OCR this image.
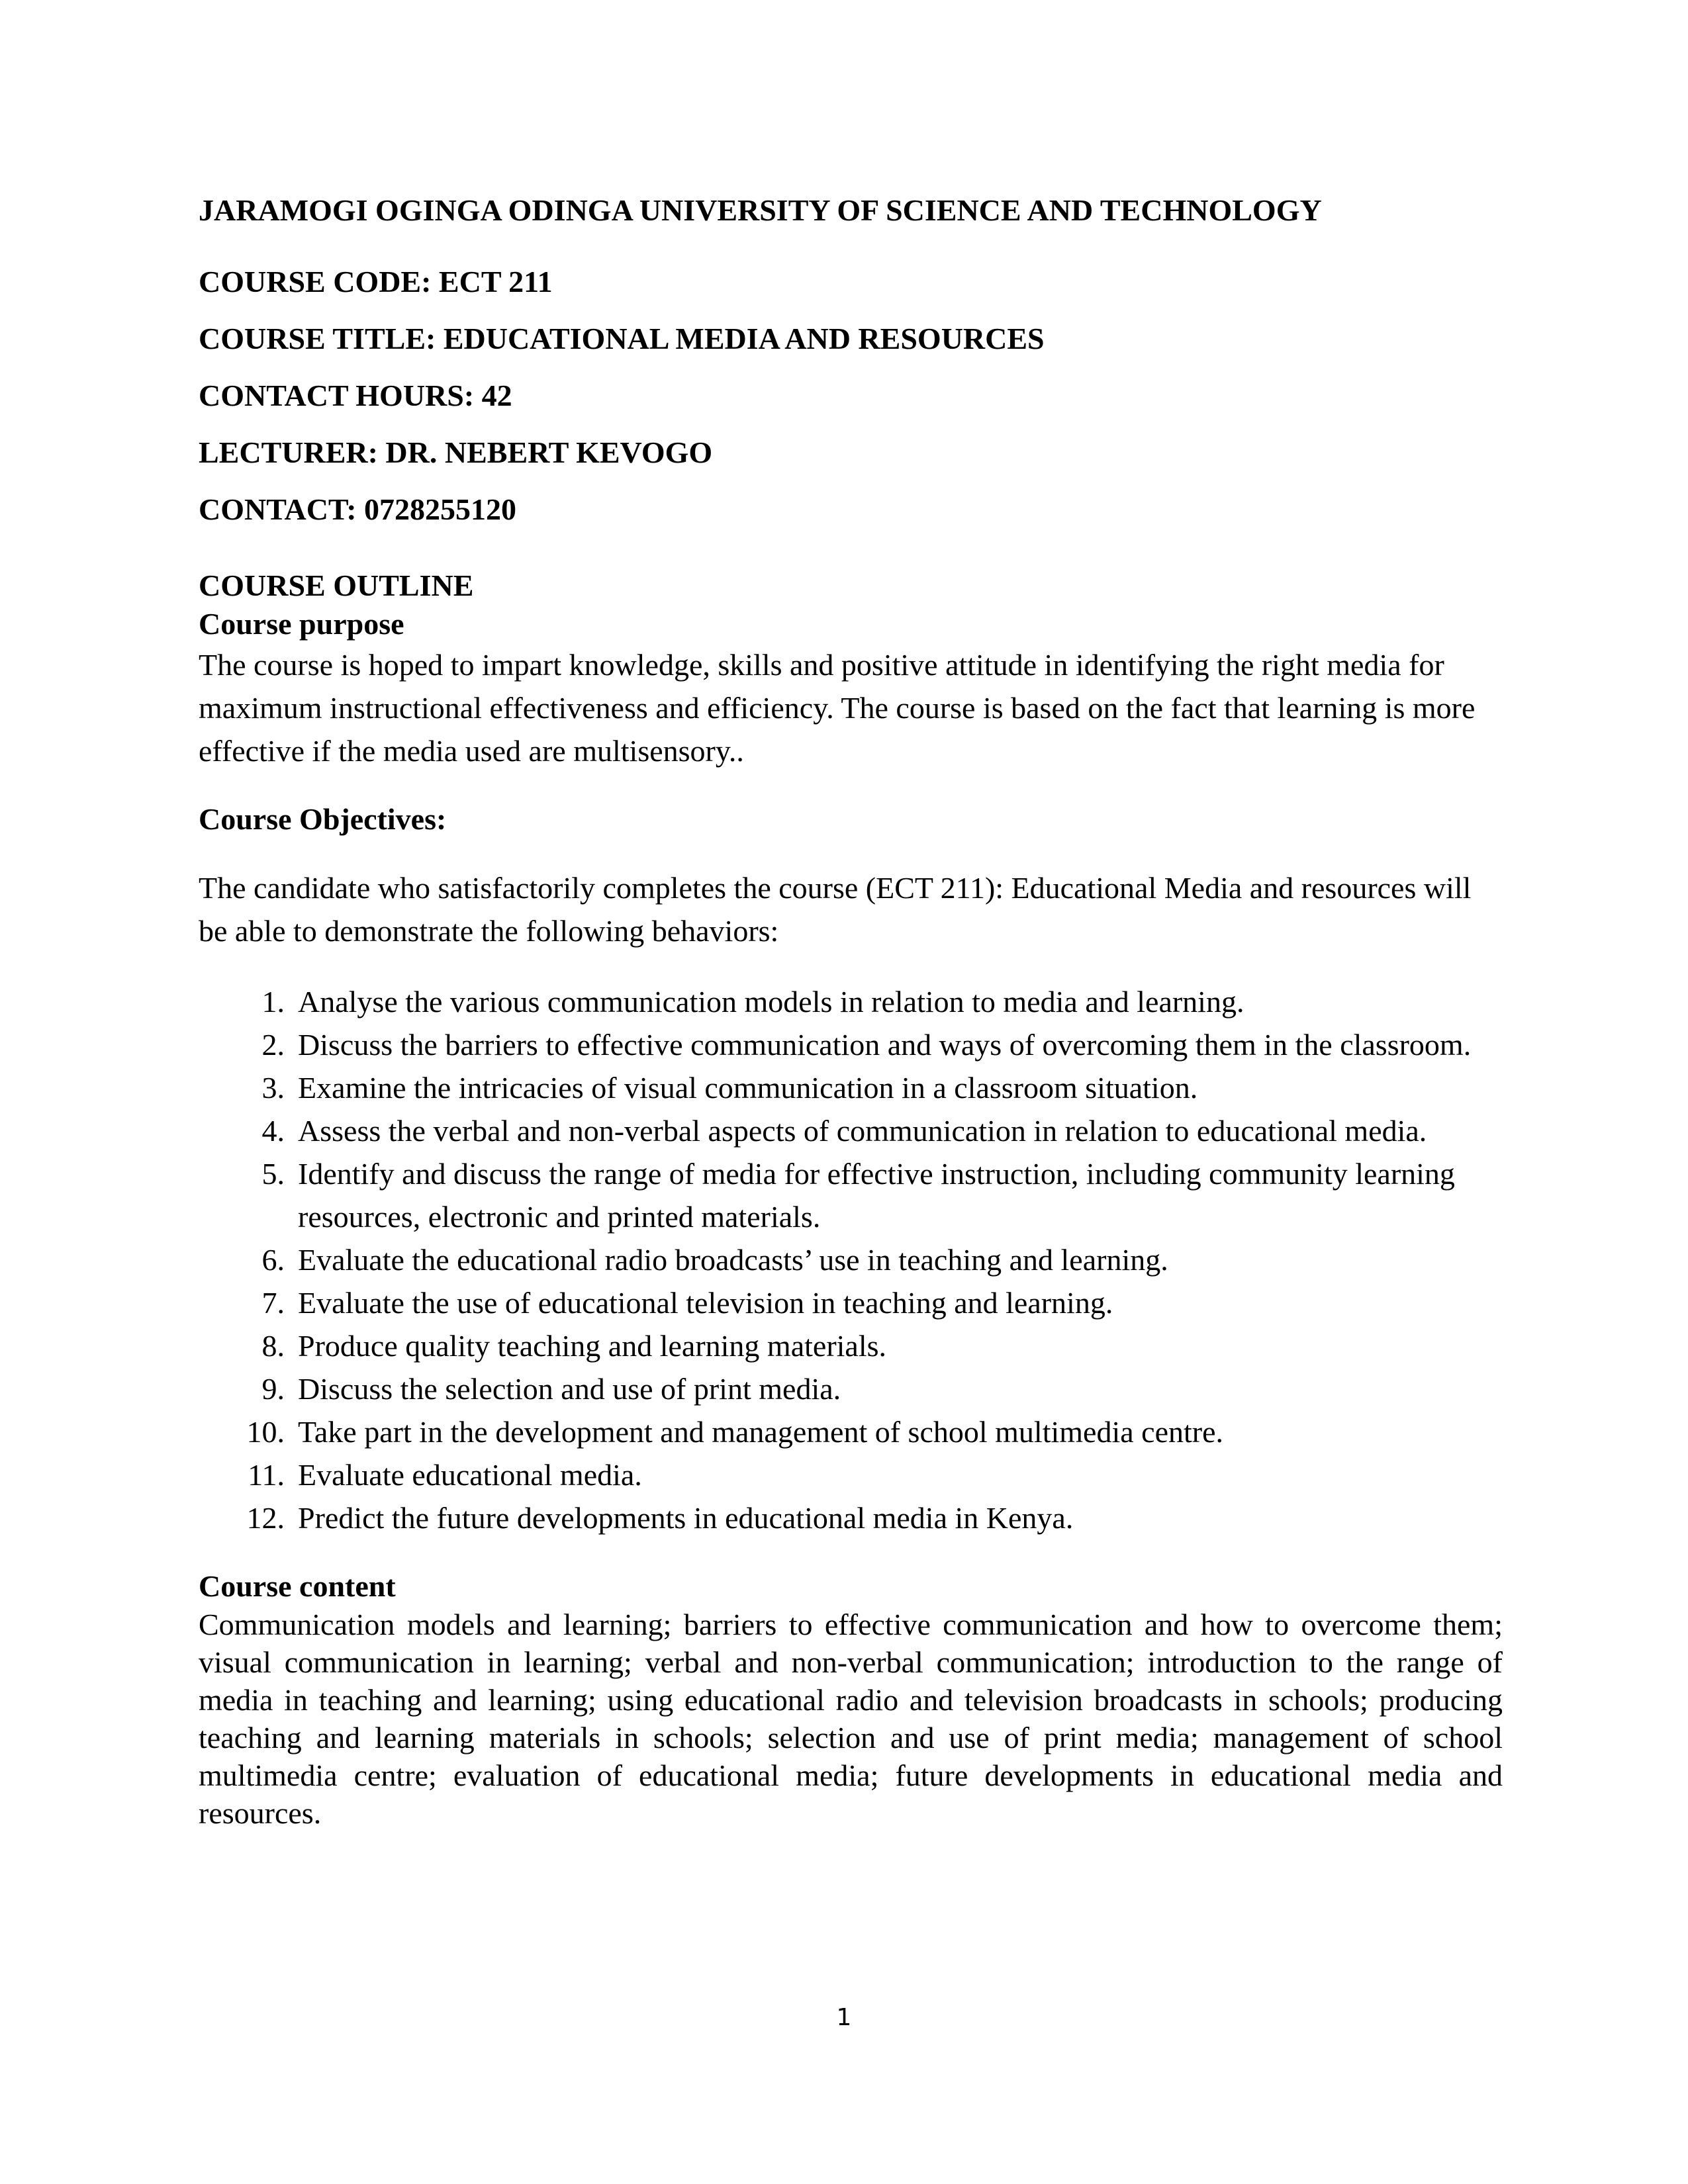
JARAMOGI OGINGA ODINGA UNIVERSITY OF SCIENCE AND TECHNOLOGY

COURSE CODE: ECT 211

COURSE TITLE: EDUCATIONAL MEDIA AND RESOURCES

CONTACT HOURS: 42

LECTURER: DR. NEBERT KEVOGO

CONTACT: 0728255120

COURSE OUTLINE

Course purpose

The course is hoped to impart knowledge, skills and positive attitude in identifying the right media for maximum instructional effectiveness and efficiency. The course is based on the fact that learning is more effective if the media used are multisensory..

Course Objectives:

The candidate who satisfactorily completes the course (ECT 211): Educational Media and resources will be able to demonstrate the following behaviors:

1. Analyse the various communication models in relation to media and learning.
2. Discuss the barriers to effective communication and ways of overcoming them in the classroom.
3. Examine the intricacies of visual communication in a classroom situation.
4. Assess the verbal and non-verbal aspects of communication in relation to educational media.
5. Identify and discuss the range of media for effective instruction, including community learning resources, electronic and printed materials.
6. Evaluate the educational radio broadcasts’ use in teaching and learning.
7. Evaluate the use of educational television in teaching and learning.
8. Produce quality teaching and learning materials.
9. Discuss the selection and use of print media.
10. Take part in the development and management of school multimedia centre.
11. Evaluate educational media.
12. Predict the future developments in educational media in Kenya.

Course content

Communication models and learning; barriers to effective communication and how to overcome them; visual communication in learning; verbal and non-verbal communication; introduction to the range of media in teaching and learning; using educational radio and television broadcasts in schools; producing teaching and learning materials in schools; selection and use of print media; management of school multimedia centre; evaluation of educational media; future developments in educational media and resources.

1
